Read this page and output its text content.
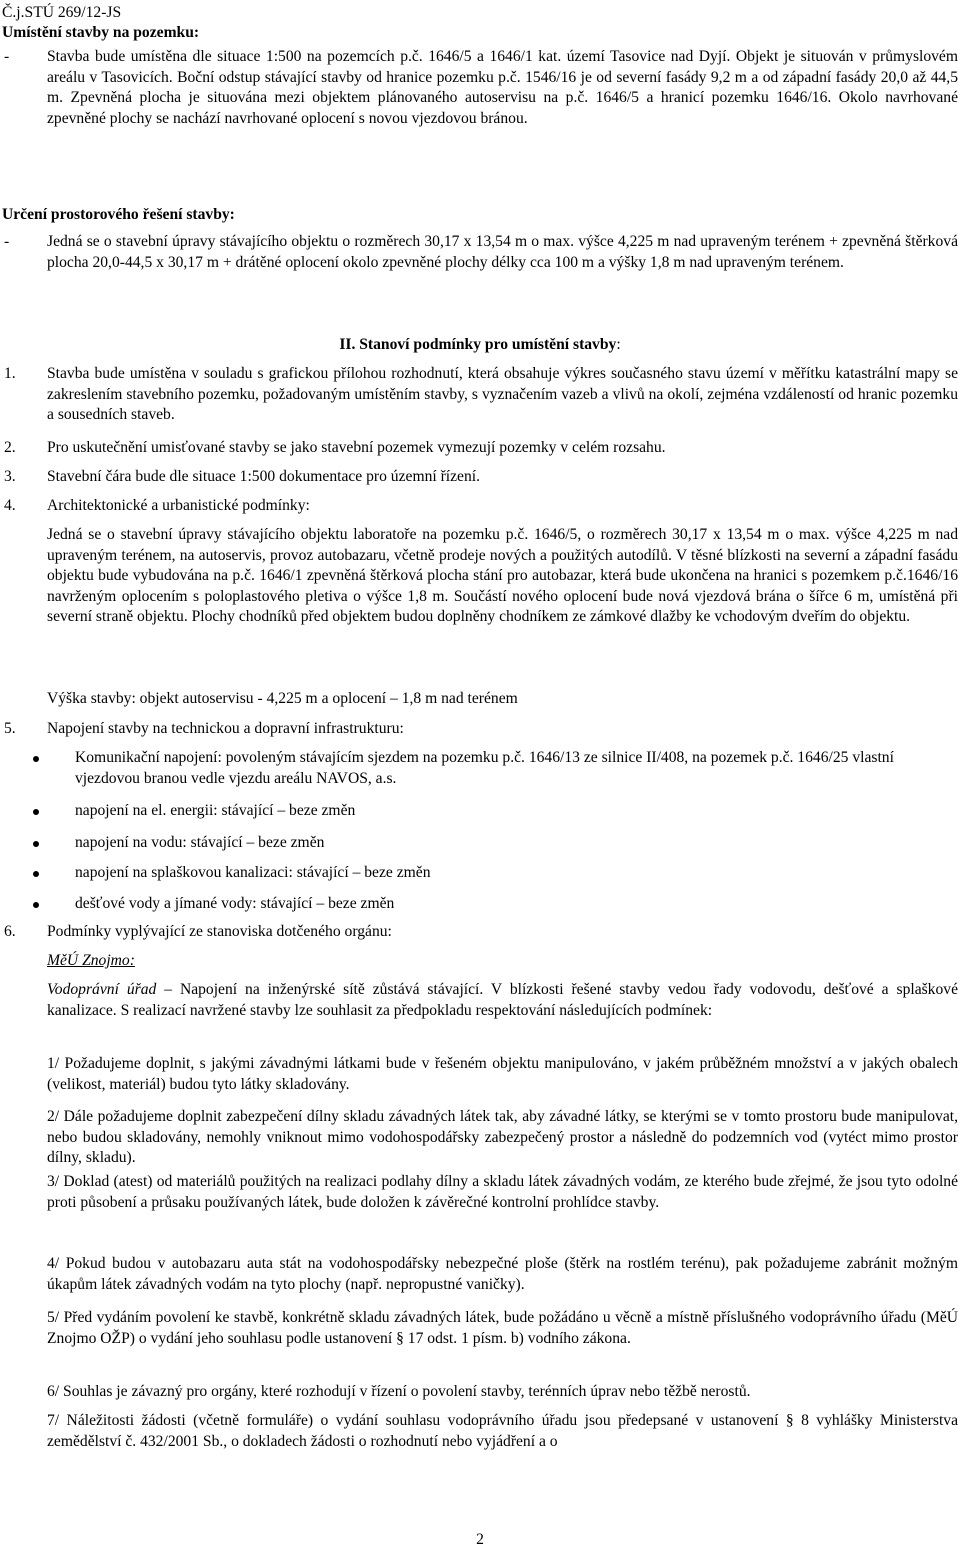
Č.j.STÚ 269/12-JS
Umístění stavby na pozemku:
- Stavba bude umístěna dle situace 1:500 na pozemcích p.č. 1646/5 a 1646/1 kat. území Tasovice nad Dyjí. Objekt je situován v průmyslovém areálu v Tasovicích. Boční odstup stávající stavby od hranice pozemku p.č. 1546/16 je od severní fasády 9,2 m a od západní fasády 20,0 až 44,5 m. Zpevněná plocha je situována mezi objektem plánovaného autoservisu na p.č. 1646/5 a hranicí pozemku 1646/16. Okolo navrhované zpevněné plochy se nachází navrhované oplocení s novou vjezdovou bránou.
Určení prostorového řešení stavby:
- Jedná se o stavební úpravy stávajícího objektu o rozměrech 30,17 x 13,54 m o max. výšce 4,225 m nad upraveným terénem + zpevněná štěrková plocha 20,0-44,5 x 30,17 m + drátěné oplocení okolo zpevněné plochy délky cca 100 m a výšky 1,8 m nad upraveným terénem.
II. Stanoví podmínky pro umístění stavby:
1. Stavba bude umístěna v souladu s grafickou přílohou rozhodnutí, která obsahuje výkres současného stavu území v měřítku katastrální mapy se zakreslením stavebního pozemku, požadovaným umístěním stavby, s vyznačením vazeb a vlivů na okolí, zejména vzdáleností od hranic pozemku a sousedních staveb.
2. Pro uskutečnění umisťované stavby se jako stavební pozemek vymezují pozemky v celém rozsahu.
3. Stavební čára bude dle situace 1:500 dokumentace pro územní řízení.
4. Architektonické a urbanistické podmínky:
Jedná se o stavební úpravy stávajícího objektu laboratoře na pozemku p.č. 1646/5, o rozměrech 30,17 x 13,54 m o max. výšce 4,225 m nad upraveným terénem, na autoservis, provoz autobazaru, včetně prodeje nových a použitých autodílů. V těsné blízkosti na severní a západní fasádu objektu bude vybudována na p.č. 1646/1 zpevněná štěrková plocha stání pro autobazar, která bude ukončena na hranici s pozemkem p.č.1646/16 navrženým oplocením s poloplastového pletiva o výšce 1,8 m. Součástí nového oplocení bude nová vjezdová brána o šířce 6 m, umístěná při severní straně objektu. Plochy chodníků před objektem budou doplněny chodníkem ze zámkové dlažby ke vchodovým dveřím do objektu.
Výška stavby: objekt autoservisu - 4,225 m a oplocení – 1,8 m nad terénem
5. Napojení stavby na technickou a dopravní infrastrukturu:
Komunikační napojení: povoleným stávajícím sjezdem na pozemku p.č. 1646/13 ze silnice II/408, na pozemek p.č. 1646/25 vlastní vjezdovou branou vedle vjezdu areálu NAVOS, a.s.
napojení na el. energii: stávající – beze změn
napojení na vodu: stávající – beze změn
napojení na splaškovou kanalizaci: stávající – beze změn
dešťové vody a jímané vody: stávající – beze změn
6. Podmínky vyplývající ze stanoviska dotčeného orgánu:
MěÚ Znojmo:
Vodoprávní úřad – Napojení na inženýrské sítě zůstává stávající. V blízkosti řešené stavby vedou řady vodovodu, dešťové a splaškové kanalizace. S realizací navržené stavby lze souhlasit za předpokladu respektování následujících podmínek:
1/ Požadujeme doplnit, s jakými závadnými látkami bude v řešeném objektu manipulováno, v jakém průběžném množství a v jakých obalech (velikost, materiál) budou tyto látky skladovány.
2/ Dále požadujeme doplnit zabezpečení dílny skladu závadných látek tak, aby závadné látky, se kterými se v tomto prostoru bude manipulovat, nebo budou skladovány, nemohly vniknout mimo vodohospodářsky zabezpečený prostor a následně do podzemních vod (vytéct mimo prostor dílny, skladu).
3/ Doklad (atest) od materiálů použitých na realizaci podlahy dílny a skladu látek závadných vodám, ze kterého bude zřejmé, že jsou tyto odolné proti působení a průsaku používaných látek, bude doložen k závěrečné kontrolní prohlídce stavby.
4/ Pokud budou v autobazaru auta stát na vodohospodářsky nebezpečné ploše (štěrk na rostlém terénu), pak požadujeme zabránit možným úkapům látek závadných vodám na tyto plochy (např. nepropustné vaničky).
5/ Před vydáním povolení ke stavbě, konkrétně skladu závadných látek, bude požádáno u věcně a místně příslušného vodoprávního úřadu (MěÚ Znojmo OŽP) o vydání jeho souhlasu podle ustanovení § 17 odst. 1 písm. b) vodního zákona.
6/ Souhlas je závazný pro orgány, které rozhodují v řízení o povolení stavby, terénních úprav nebo těžbě nerostů.
7/ Náležitosti žádosti (včetně formuláře) o vydání souhlasu vodoprávního úřadu jsou předepsané v ustanovení § 8 vyhlášky Ministerstva zemědělství č. 432/2001 Sb., o dokladech žádosti o rozhodnutí nebo vyjádření a o
2
